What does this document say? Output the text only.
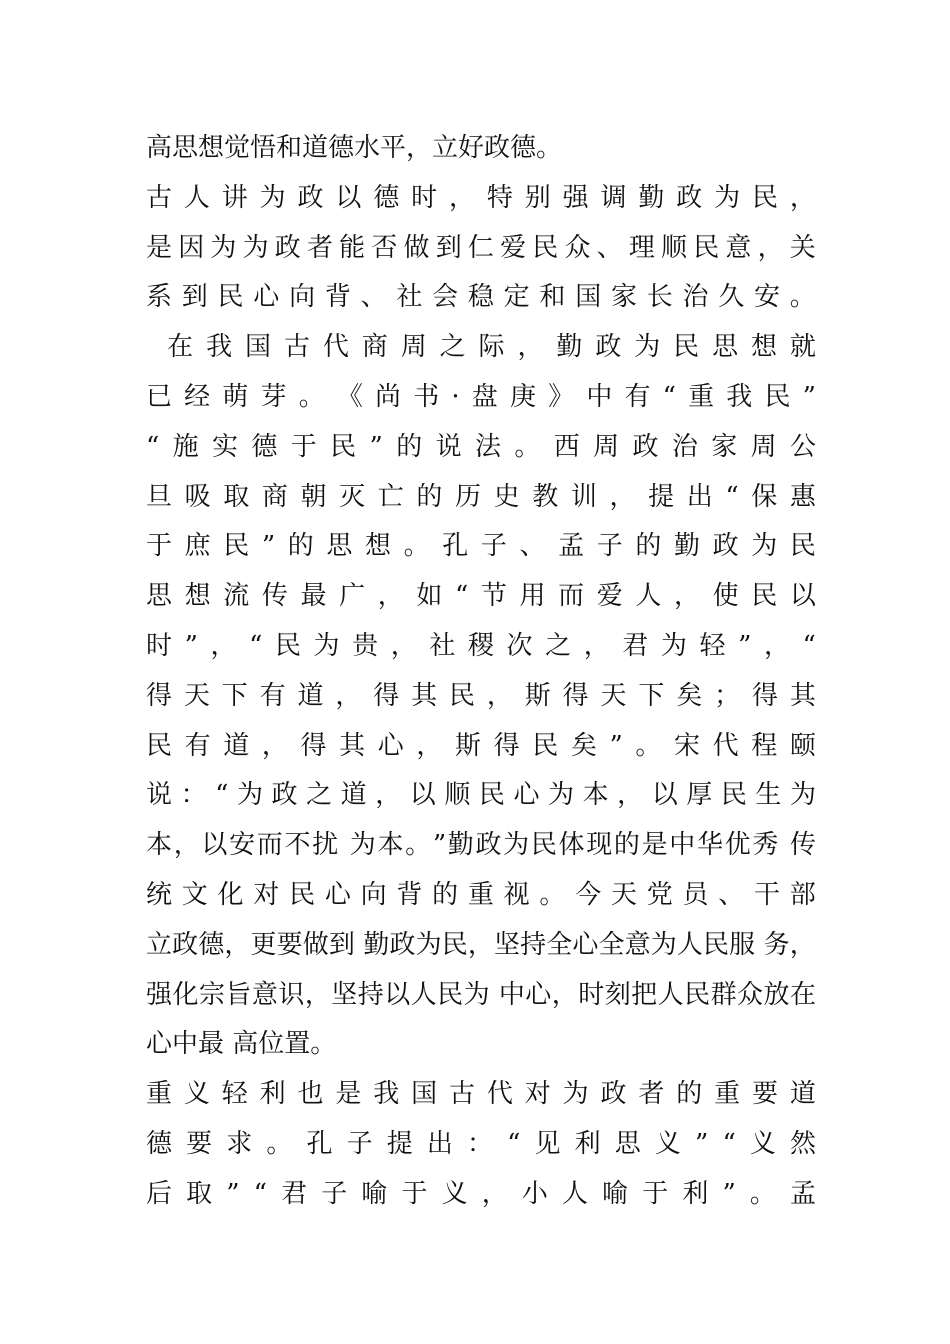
高思想觉悟和道德水平，立好政德。
古 人 讲 为 政 以 德 时 ， 特 别 强 调 勤 政 为 民 ，
是 因 为 为 政 者 能 否 做 到 仁 爱 民 众 、 理 顺 民 意 ， 关
系 到 民 心 向 背 、 社 会 稳 定 和 国 家 长 治 久 安 。

在 我 国 古 代 商 周 之 际 ， 勤 政 为 民 思 想 就
已 经 萌 芽 。 《 尚 书 · 盘 庚 》 中 有 “ 重 我 民 ”
“ 施 实 德 于 民 ” 的 说 法 。 西 周 政 治 家 周 公
旦 吸 取 商 朝 灭 亡 的 历 史 教 训 ， 提 出 “ 保 惠
于 庶 民 ” 的 思 想 。 孔 子 、 孟 子 的 勤 政 为 民
思 想 流 传 最 广 ， 如 “ 节 用 而 爱 人 ， 使 民 以
时 ” ， “ 民 为 贵 ， 社 稷 次 之 ， 君 为 轻 ” ， “
得 天 下 有 道 ， 得 其 民 ， 斯 得 天 下 矣 ； 得 其
民 有 道 ， 得 其 心 ， 斯 得 民 矣 ” 。 宋 代 程 颐
说 ： “ 为 政 之 道 ， 以 顺 民 心 为 本 ， 以 厚 民 生 为
本 ， 以 安 而 不 扰
为 本 。 ” 勤 政 为 民 体 现 的 是 中 华 优 秀
传
统 文 化 对 民 心 向 背 的 重 视 。 今 天 党 员 、 干 部
立 政 德 ， 更 要 做 到
勤 政 为 民 ， 坚 持 全 心 全 意 为 人 民 服
务 ，
强 化 宗 旨 意 识 ， 坚 持 以 人 民 为
中 心 ， 时 刻 把 人 民 群 众 放 在
心中最 高位置。
重 义 轻 利 也 是 我 国 古 代 对 为 政 者 的 重 要 道
德 要 求 。 孔 子 提 出 ： “ 见 利 思 义 ” “ 义 然
后 取 ” “ 君 子 喻 于 义 ， 小 人 喻 于 利 ” 。 孟
